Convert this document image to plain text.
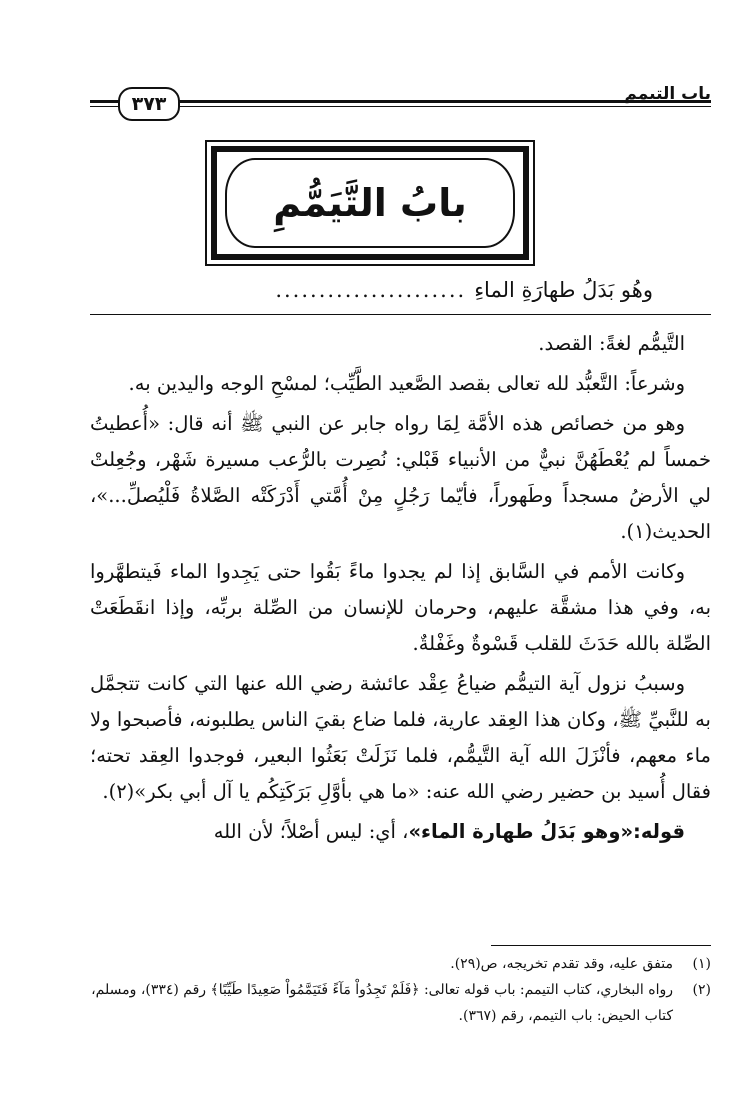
باب التيمم
٣٧٣
بابُ التَّيَمُّمِ
وهُو بَدَلُ طهارَةِ الماءِ
......................

التَّيمُّم لغةً: القصد.

وشرعاً: التَّعبُّد لله تعالى بقصد الصَّعيد الطَّيِّب؛ لمسْحِ الوجه واليدين به.

وهو من خصائص هذه الأمَّة لِمَا رواه جابر عن النبي ﷺ أنه قال: «أُعطيتُ خمساً لم يُعْطَهُنَّ نبيٌّ من الأنبياء قَبْلي: نُصِرت بالرُّعب مسيرة شَهْر، وجُعِلتْ لي الأرضُ مسجداً وطَهوراً، فأيّما رَجُلٍ مِنْ أُمَّتي أَدْرَكَتْه الصَّلاةُ فَلْيُصلِّ...»، الحديث(١).

وكانت الأمم في السَّابق إذا لم يجدوا ماءً بَقُوا حتى يَجِدوا الماء فَيتطهَّروا به، وفي هذا مشقَّة عليهم، وحرمان للإنسان من الصِّلة بربِّه، وإذا انقَطَعَتْ الصِّلة بالله حَدَثَ للقلب قَسْوةٌ وغَفْلةٌ.

وسببُ نزول آية التيمُّم ضياعُ عِقْد عائشة رضي الله عنها التي كانت تتجمَّل به للنَّبيِّ ﷺ، وكان هذا العِقد عارية، فلما ضاع بقيَ الناس يطلبونه، فأصبحوا ولا ماء معهم، فأنْزَلَ الله آية التَّيمُّم، فلما نَزَلَتْ بَعَثُوا البعير، فوجدوا العِقد تحته؛ فقال أُسيد بن حضير رضي الله عنه: «ما هي بأوَّلِ بَرَكَتِكُم يا آل أبي بكر»(٢).

قوله:«وهو بَدَلُ طهارة الماء»، أي: ليس أصْلاً؛ لأن الله

(١)
متفق عليه، وقد تقدم تخريجه، ص(٢٩).
(٢)
رواه البخاري، كتاب التيمم: باب قوله تعالى: ﴿فَلَمْ تَجِدُواْ مَآءً فَتَيَمَّمُواْ صَعِيدًا طَيِّبًا﴾ رقم (٣٣٤)، ومسلم، كتاب الحيض: باب التيمم، رقم (٣٦٧).
